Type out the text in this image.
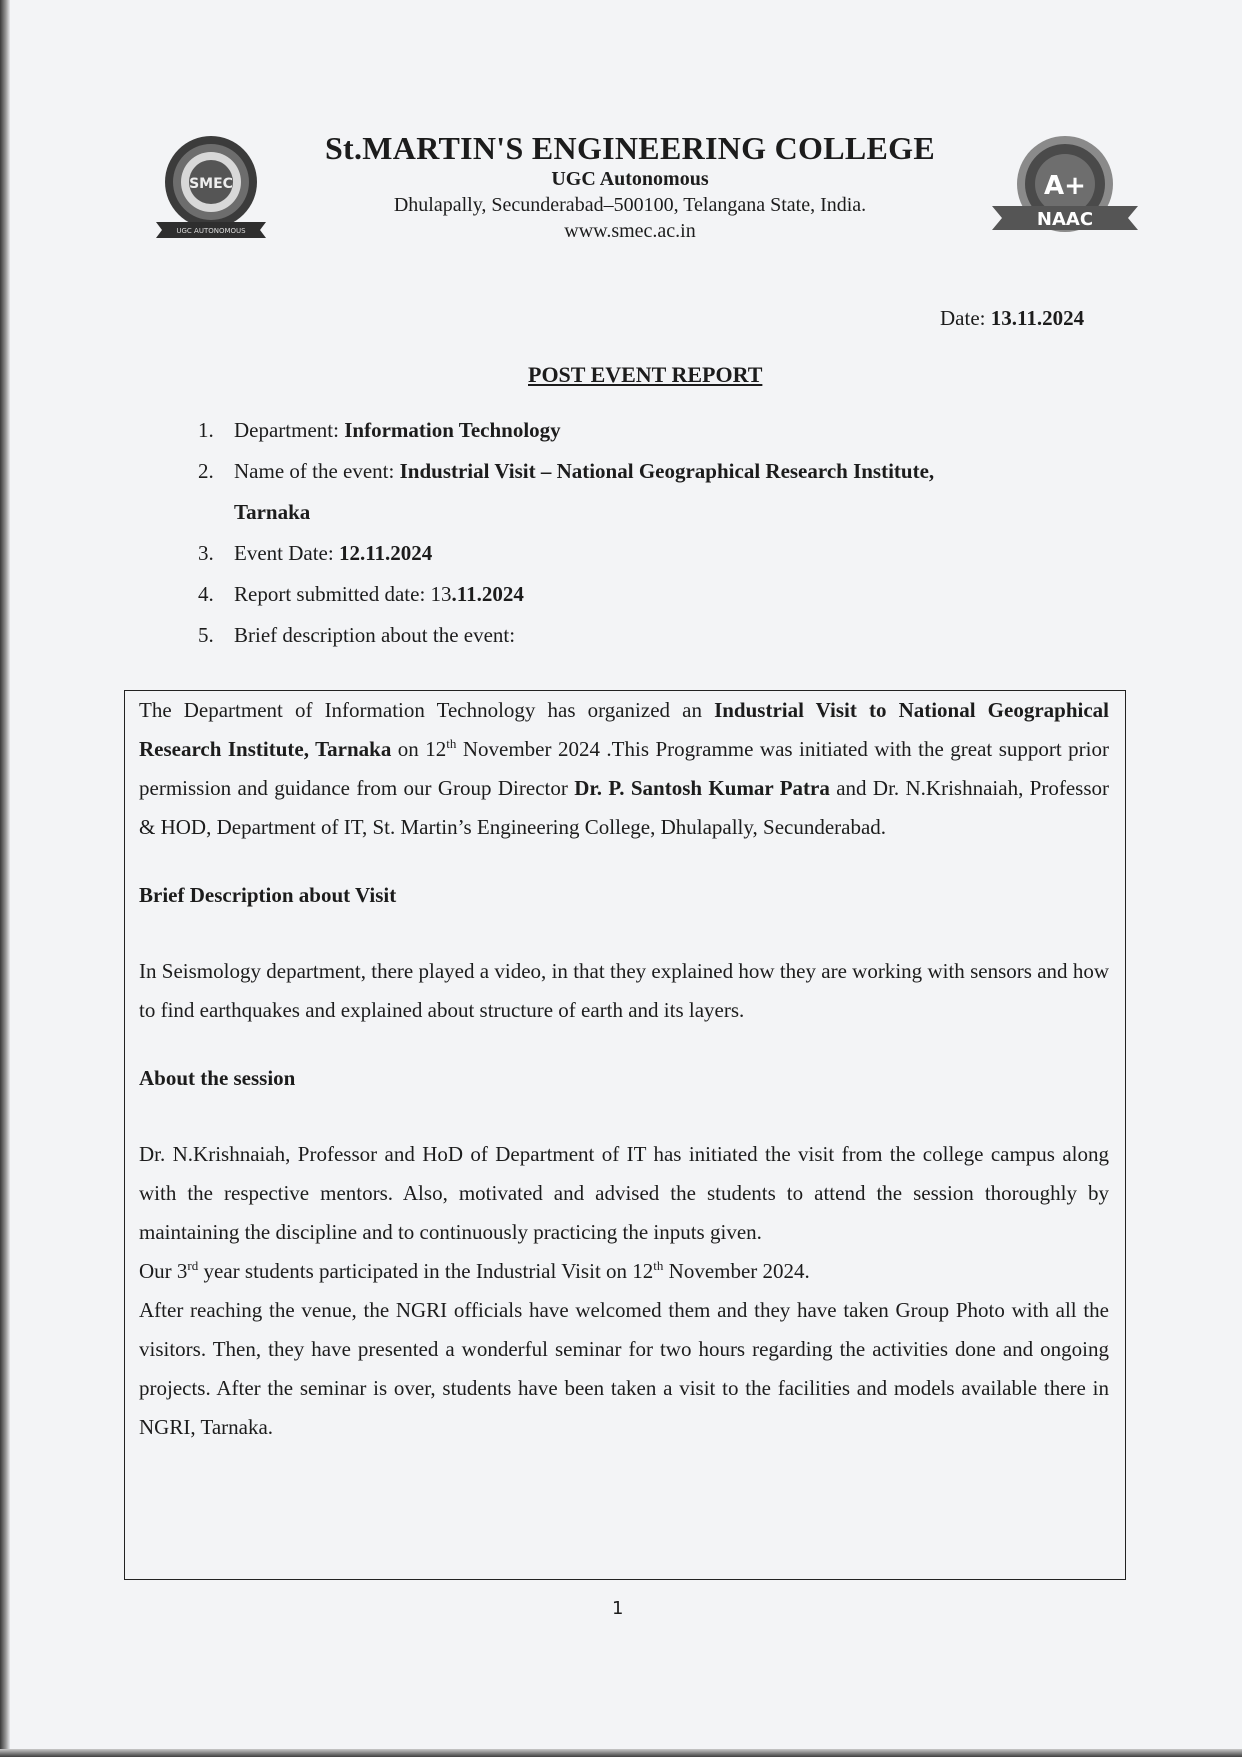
SMEC
UGC AUTONOMOUS
A+
NAAC
St.MARTIN'S ENGINEERING COLLEGE
UGC Autonomous
Dhulapally, Secunderabad–500100, Telangana State, India.
www.smec.ac.in
Date: 13.11.2024
POST EVENT REPORT
1. Department: Information Technology
2. Name of the event: Industrial Visit – National Geographical Research Institute,
Tarnaka
3. Event Date: 12.11.2024
4. Report submitted date: 13.11.2024
5. Brief description about the event:

The Department of Information Technology has organized an Industrial Visit to National Geographical Research Institute, Tarnaka on 12th November 2024 .This Programme was initiated with the great support prior permission and guidance from our Group Director Dr. P. Santosh Kumar Patra and Dr. N.Krishnaiah, Professor & HOD, Department of IT, St. Martin’s Engineering College, Dhulapally, Secunderabad.

Brief Description about Visit

In Seismology department, there played a video, in that they explained how they are working with sensors and how to find earthquakes and explained about structure of earth and its layers.

About the session

Dr. N.Krishnaiah, Professor and HoD of Department of IT has initiated the visit from the college campus along with the respective mentors. Also, motivated and advised the students to attend the session thoroughly by maintaining the discipline and to continuously practicing the inputs given.

Our 3rd year students participated in the Industrial Visit on 12th November 2024.

After reaching the venue, the NGRI officials have welcomed them and they have taken Group Photo with all the visitors. Then, they have presented a wonderful seminar for two hours regarding the activities done and ongoing projects. After the seminar is over, students have been taken a visit to the facilities and models available there in NGRI, Tarnaka.

1
